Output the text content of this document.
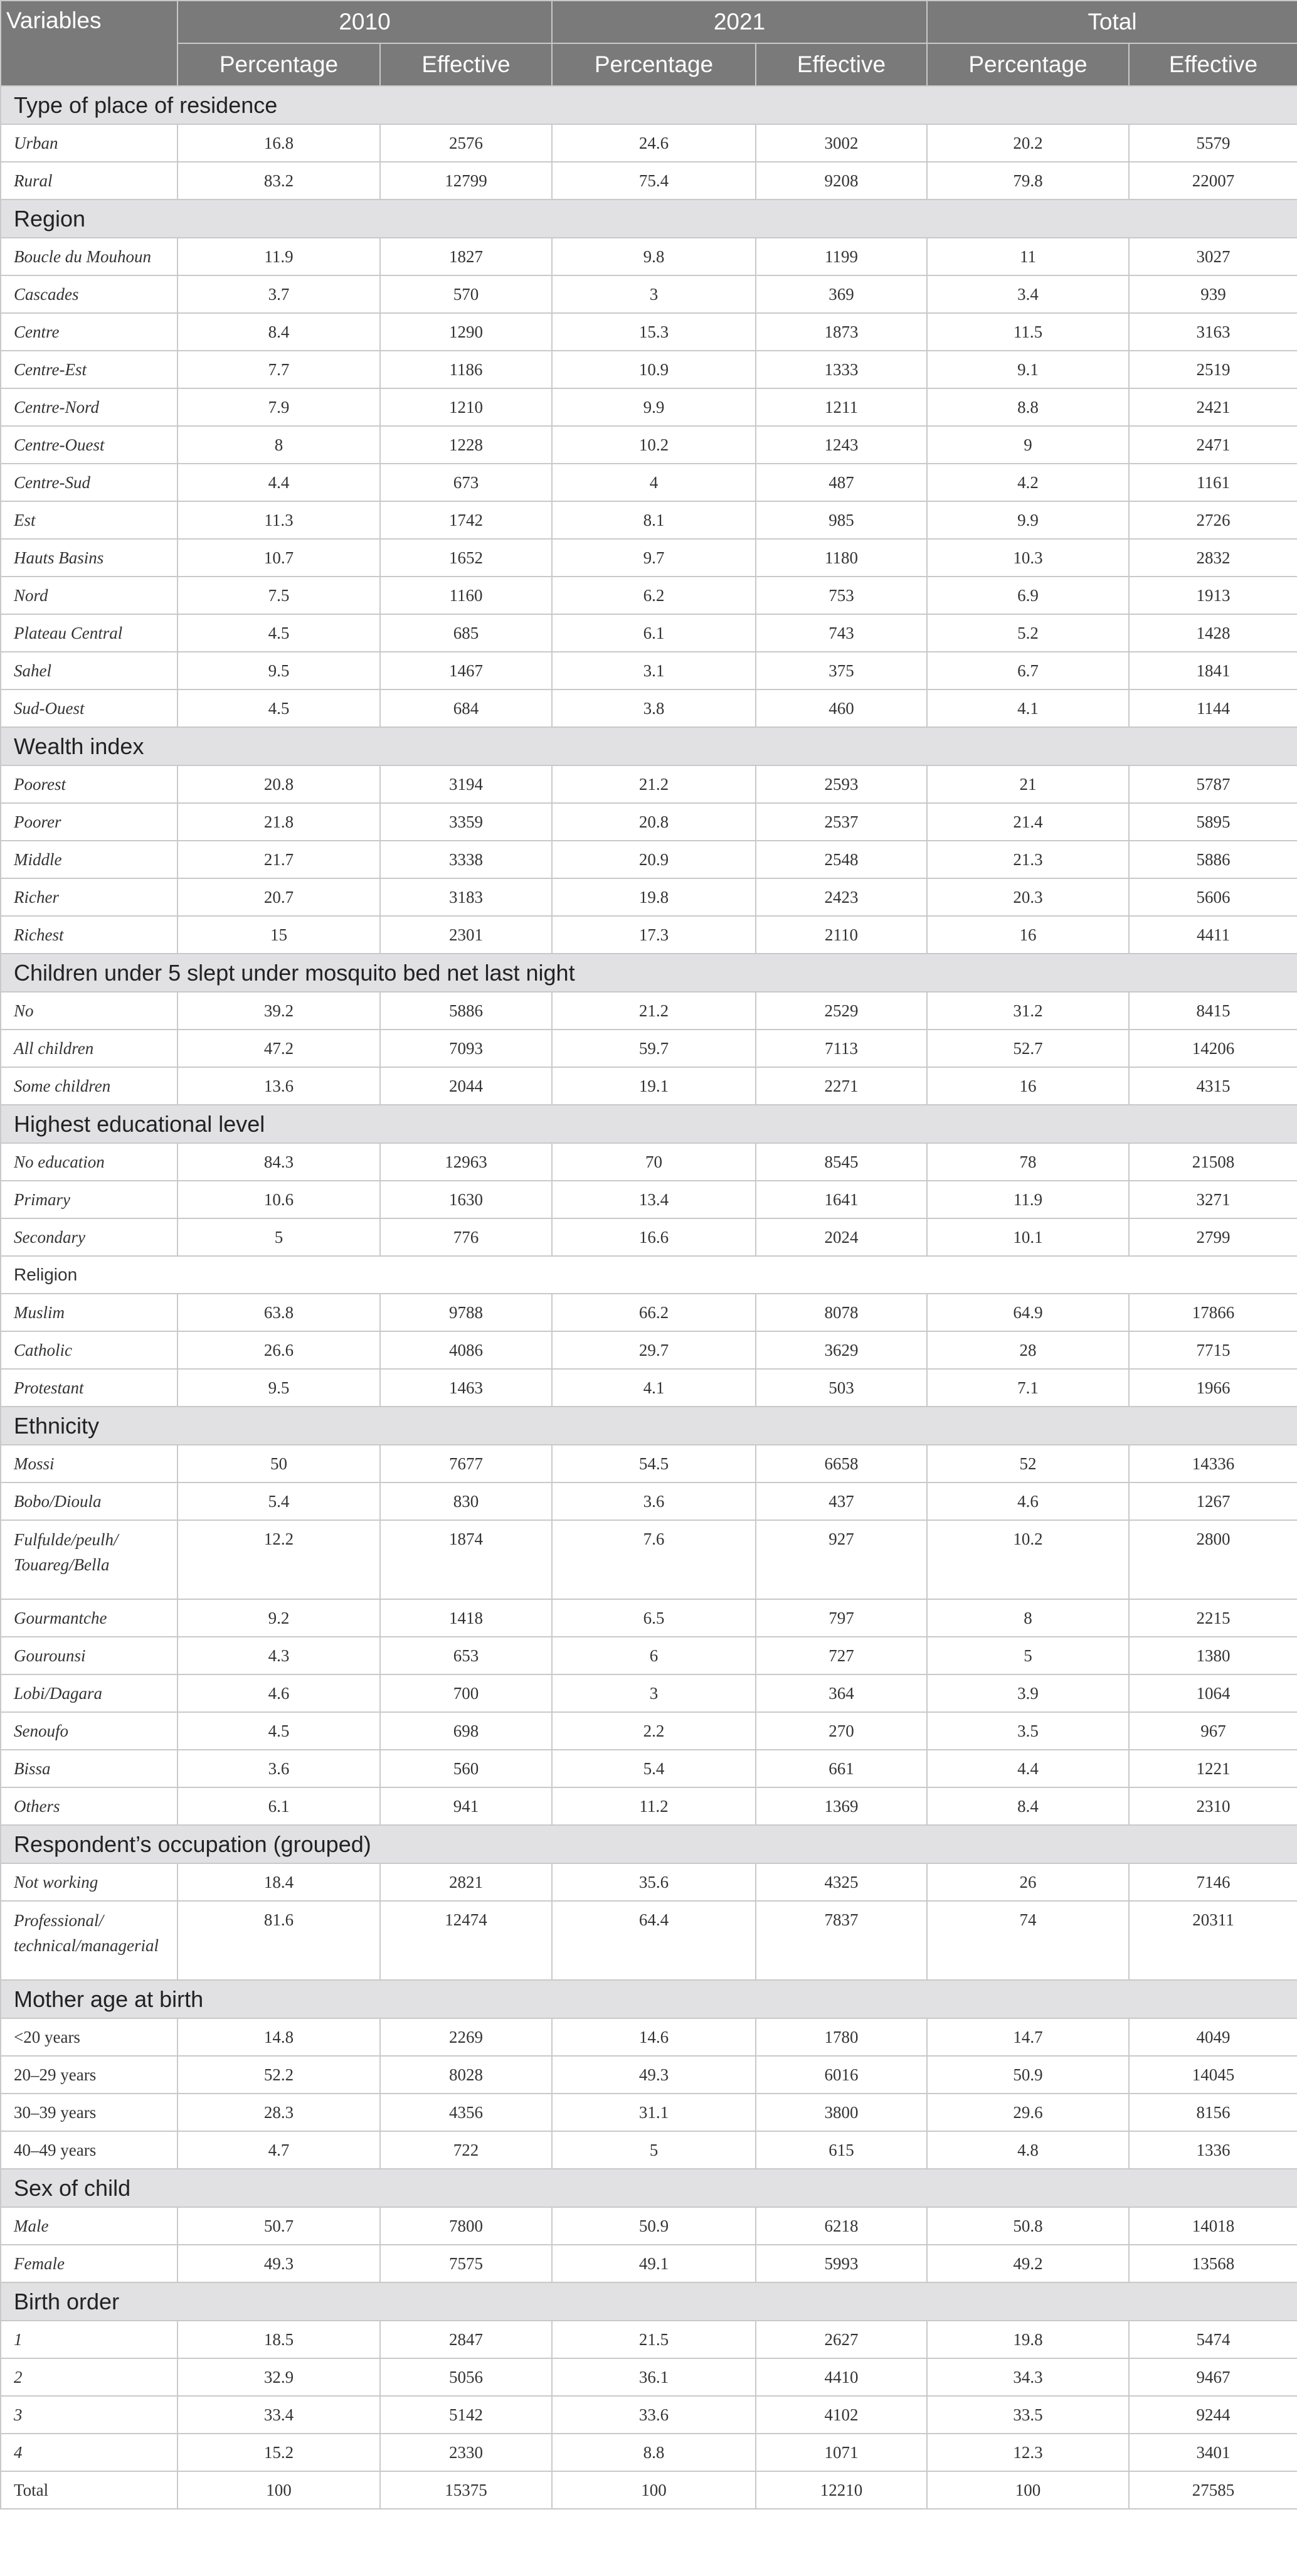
Variables	2010		2021		Total	
	Percentage	Effective	Percentage	Effective	Percentage	Effective
Type of place of residence						
Urban	16.8	2576	24.6	3002	20.2	5579
Rural	83.2	12799	75.4	9208	79.8	22007
Region						
Boucle du Mouhoun	11.9	1827	9.8	1199	11	3027
Cascades	3.7	570	3	369	3.4	939
Centre	8.4	1290	15.3	1873	11.5	3163
Centre-Est	7.7	1186	10.9	1333	9.1	2519
Centre-Nord	7.9	1210	9.9	1211	8.8	2421
Centre-Ouest	8	1228	10.2	1243	9	2471
Centre-Sud	4.4	673	4	487	4.2	1161
Est	11.3	1742	8.1	985	9.9	2726
Hauts Basins	10.7	1652	9.7	1180	10.3	2832
Nord	7.5	1160	6.2	753	6.9	1913
Plateau Central	4.5	685	6.1	743	5.2	1428
Sahel	9.5	1467	3.1	375	6.7	1841
Sud-Ouest	4.5	684	3.8	460	4.1	1144
Wealth index						
Poorest	20.8	3194	21.2	2593	21	5787
Poorer	21.8	3359	20.8	2537	21.4	5895
Middle	21.7	3338	20.9	2548	21.3	5886
Richer	20.7	3183	19.8	2423	20.3	5606
Richest	15	2301	17.3	2110	16	4411
Children under 5 slept under mosquito bed net last night						
No	39.2	5886	21.2	2529	31.2	8415
All children	47.2	7093	59.7	7113	52.7	14206
Some children	13.6	2044	19.1	2271	16	4315
Highest educational level						
No education	84.3	12963	70	8545	78	21508
Primary	10.6	1630	13.4	1641	11.9	3271
Secondary	5	776	16.6	2024	10.1	2799
Religion						
Muslim	63.8	9788	66.2	8078	64.9	17866
Catholic	26.6	4086	29.7	3629	28	7715
Protestant	9.5	1463	4.1	503	7.1	1966
Ethnicity						
Mossi	50	7677	54.5	6658	52	14336
Bobo/Dioula	5.4	830	3.6	437	4.6	1267
Fulfulde/peulh/ Touareg/Bella	12.2	1874	7.6	927	10.2	2800
Gourmantche	9.2	1418	6.5	797	8	2215
Gourounsi	4.3	653	6	727	5	1380
Lobi/Dagara	4.6	700	3	364	3.9	1064
Senoufo	4.5	698	2.2	270	3.5	967
Bissa	3.6	560	5.4	661	4.4	1221
Others	6.1	941	11.2	1369	8.4	2310
Respondent’s occupation (grouped)						
Not working	18.4	2821	35.6	4325	26	7146
Professional/ technical/managerial	81.6	12474	64.4	7837	74	20311
Mother age at birth						
<20 years	14.8	2269	14.6	1780	14.7	4049
20–29 years	52.2	8028	49.3	6016	50.9	14045
30–39 years	28.3	4356	31.1	3800	29.6	8156
40–49 years	4.7	722	5	615	4.8	1336
Sex of child						
Male	50.7	7800	50.9	6218	50.8	14018
Female	49.3	7575	49.1	5993	49.2	13568
Birth order						
1	18.5	2847	21.5	2627	19.8	5474
2	32.9	5056	36.1	4410	34.3	9467
3	33.4	5142	33.6	4102	33.5	9244
4	15.2	2330	8.8	1071	12.3	3401
Total	100	15375	100	12210	100	27585
